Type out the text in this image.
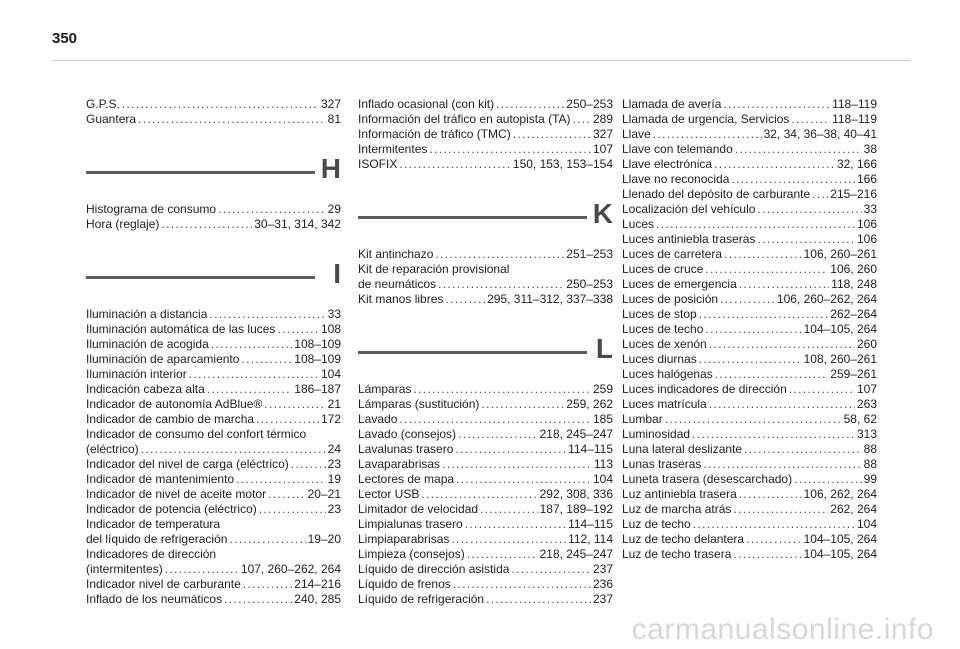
350
G.P.S. . . .	327
Guantera . . .	81
H
Histograma de consumo . . .	29
Hora (reglaje) . . .	30–31, 314, 342
I
Iluminación a distancia . . .	33
Iluminación automática de las luces . . .	108
Iluminación de acogida . . .	108–109
Iluminación de aparcamiento . . .	108–109
Iluminación interior . . .	104
Indicación cabeza alta . . .	186–187
Indicador de autonomía AdBlue® . . .	21
Indicador de cambio de marcha . . .	172
Indicador de consumo del confort térmico
(eléctrico) . . .	24
Indicador del nivel de carga (eléctrico) . . .	23
Indicador de mantenimiento . . .	19
Indicador de nivel de aceite motor . . .	20–21
Indicador de potencia (eléctrico) . . .	23
Indicador de temperatura
del líquido de refrigeración . . .	19–20
Indicadores de dirección
(intermitentes) . . .	107, 260–262, 264
Indicador nivel de carburante . . .	214–216
Inflado de los neumáticos . . .	240, 285
Inflado ocasional (con kit) . . .	250–253
Información del tráfico en autopista (TA) . . . 289
Información de tráfico (TMC) . . .	327
Intermitentes . . .	107
ISOFIX . . .	150, 153, 153–154
K
Kit antinchazo . . .	251–253
Kit de reparación provisional
de neumáticos . . .	250–253
Kit manos libres . . .	295, 311–312, 337–338
L
Lámparas . . .	259
Lámparas (sustitución) . . .	259, 262
Lavado . . .	185
Lavado (consejos) . . .	218, 245–247
Lavalunas trasero . . .	114–115
Lavaparabrisas . . .	113
Lectores de mapa . . .	104
Lector USB . . .	292, 308, 336
Limitador de velocidad . . .	187, 189–192
Limpialunas trasero . . .	114–115
Limpiaparabrisas . . .	112, 114
Limpieza (consejos) . . .	218, 245–247
Líquido de dirección asistida . . .	237
Líquido de frenos . . .	236
Líquido de refrigeración . . .	237
Llamada de avería . . .	118–119
Llamada de urgencia, Servicios . . .	118–119
Llave . . .	32, 34, 36–38, 40–41
Llave con telemando . . .	38
Llave electrónica . . .	32, 166
Llave no reconocida . . .	166
Llenado del depósito de carburante . . . 215–216
Localización del vehículo . . .	33
Luces . . .	106
Luces antiniebla traseras . . .	106
Luces de carretera . . .	106, 260–261
Luces de cruce . . .	106, 260
Luces de emergencia . . .	118, 248
Luces de posición . . .	106, 260–262, 264
Luces de stop . . .	262–264
Luces de techo . . .	104–105, 264
Luces de xenón . . .	260
Luces diurnas . . .	108, 260–261
Luces halógenas . . .	259–261
Luces indicadores de dirección . . .	107
Luces matrícula . . .	263
Lumbar . . .	58, 62
Luminosidad . . .	313
Luna lateral deslizante . . .	88
Lunas traseras . . .	88
Luneta trasera (desescarchado) . . .	99
Luz antiniebla trasera . . .	106, 262, 264
Luz de marcha atrás . . .	262, 264
Luz de techo . . .	104
Luz de techo delantera . . .	104–105, 264
Luz de techo trasera . . .	104–105, 264
carmanualsonline.info
